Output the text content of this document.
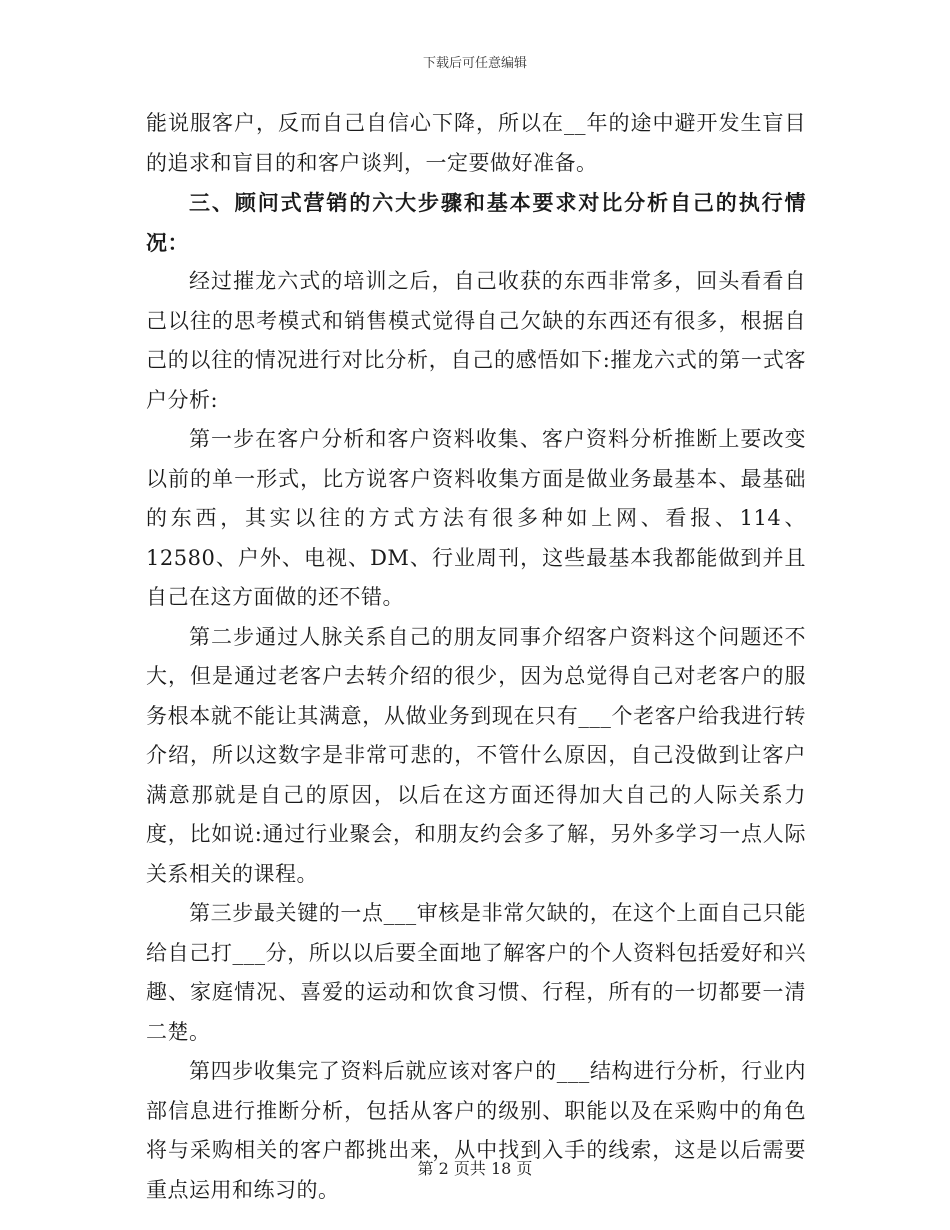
下载后可任意编辑

能说服客户，反而自己自信心下降，所以在__年的途中避开发生盲目的追求和盲目的和客户谈判，一定要做好准备。

三、顾问式营销的六大步骤和基本要求对比分析自己的执行情况：

经过摧龙六式的培训之后，自己收获的东西非常多，回头看看自己以往的思考模式和销售模式觉得自己欠缺的东西还有很多，根据自己的以往的情况进行对比分析，自己的感悟如下:摧龙六式的第一式客户分析:

第一步在客户分析和客户资料收集、客户资料分析推断上要改变以前的单一形式，比方说客户资料收集方面是做业务最基本、最基础的东西，其实以往的方式方法有很多种如上网、看报、114、12580、户外、电视、DM、行业周刊，这些最基本我都能做到并且自己在这方面做的还不错。

第二步通过人脉关系自己的朋友同事介绍客户资料这个问题还不大，但是通过老客户去转介绍的很少，因为总觉得自己对老客户的服务根本就不能让其满意，从做业务到现在只有___个老客户给我进行转介绍，所以这数字是非常可悲的，不管什么原因，自己没做到让客户满意那就是自己的原因，以后在这方面还得加大自己的人际关系力度，比如说:通过行业聚会，和朋友约会多了解，另外多学习一点人际关系相关的课程。

第三步最关键的一点___审核是非常欠缺的，在这个上面自己只能给自己打___分，所以以后要全面地了解客户的个人资料包括爱好和兴趣、家庭情况、喜爱的运动和饮食习惯、行程，所有的一切都要一清二楚。

第四步收集完了资料后就应该对客户的___结构进行分析，行业内部信息进行推断分析，包括从客户的级别、职能以及在采购中的角色将与采购相关的客户都挑出来，从中找到入手的线索，这是以后需要重点运用和练习的。

第 2 页共 18 页
